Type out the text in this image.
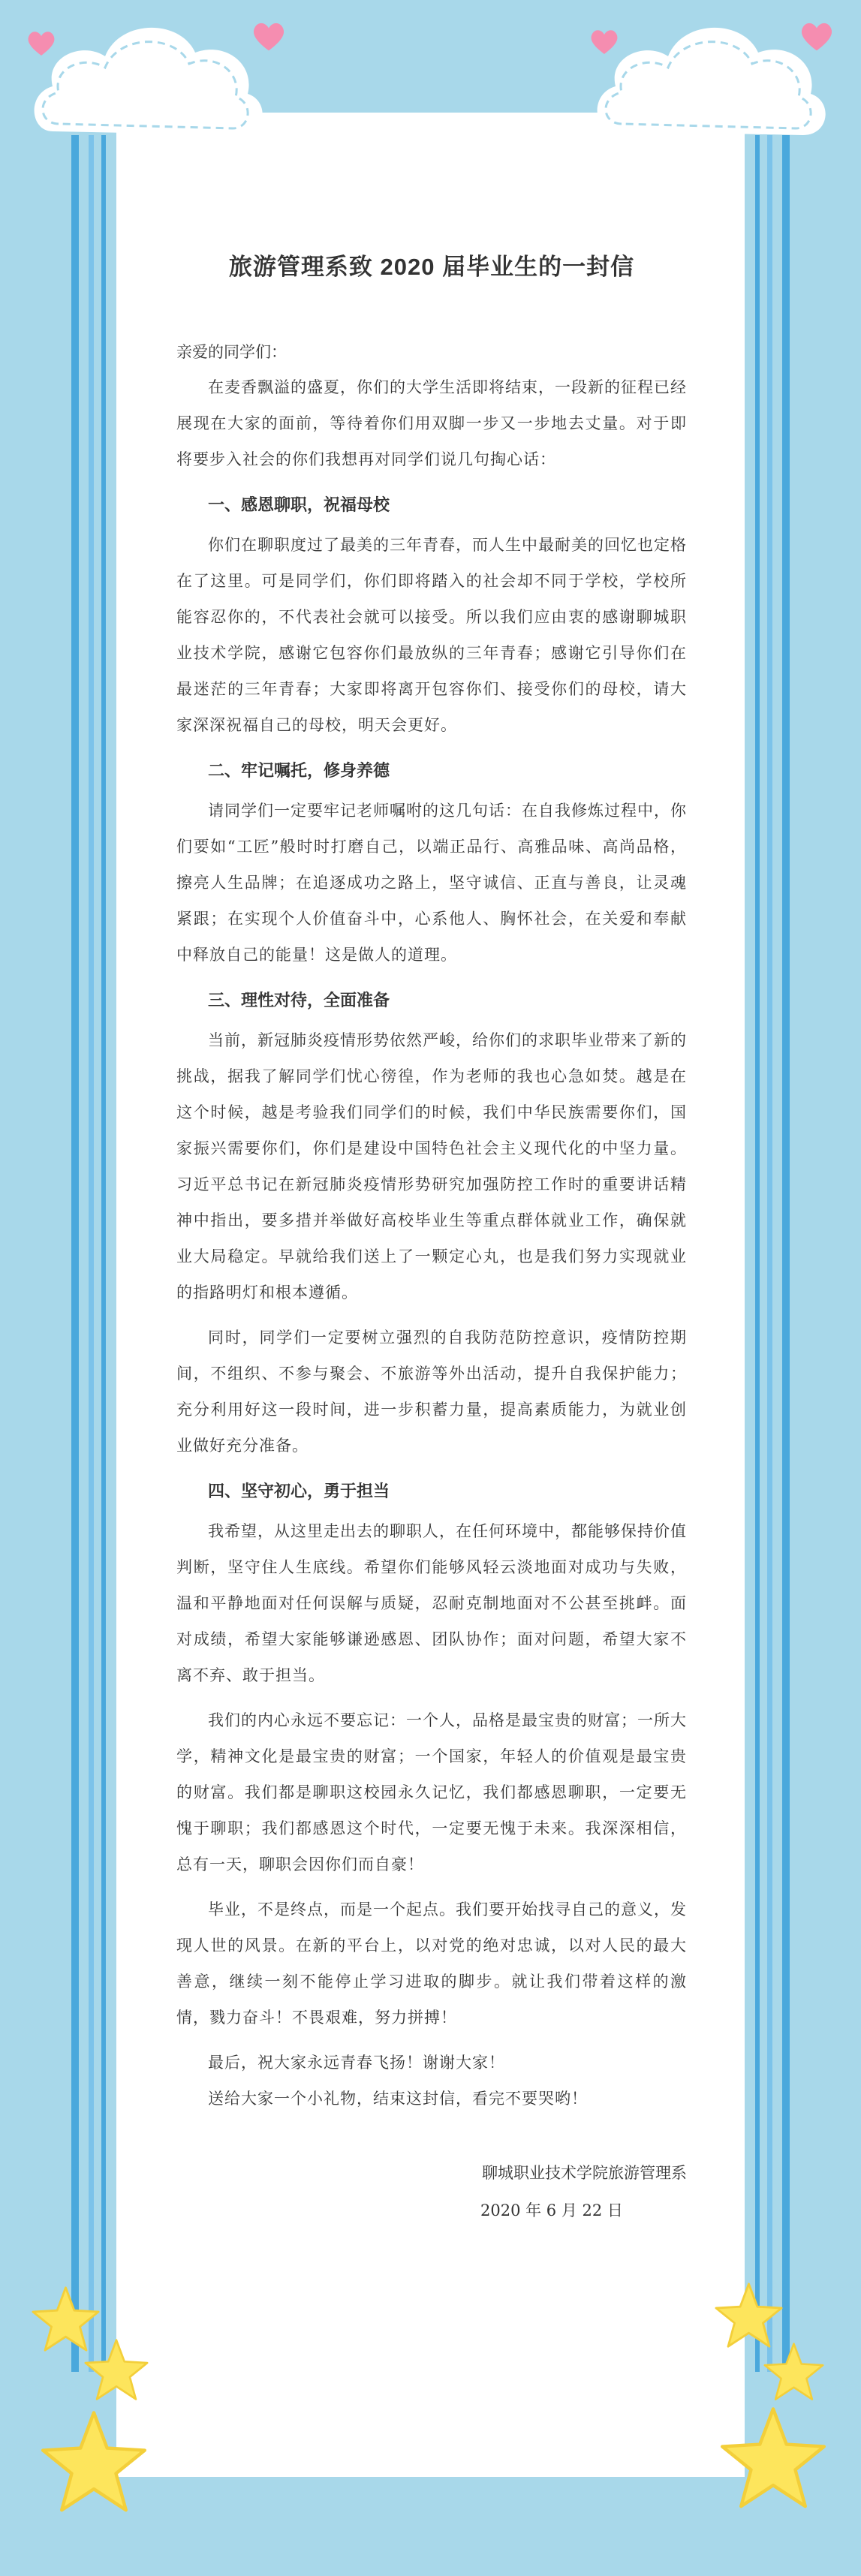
旅游管理系致 2020 届毕业生的一封信

亲爱的同学们：

在麦香飘溢的盛夏，你们的大学生活即将结束，一段新的征程已经展现在大家的面前，等待着你们用双脚一步又一步地去丈量。对于即将要步入社会的你们我想再对同学们说几句掏心话：

一、感恩聊职，祝福母校

你们在聊职度过了最美的三年青春，而人生中最耐美的回忆也定格在了这里。可是同学们，你们即将踏入的社会却不同于学校，学校所能容忍你的，不代表社会就可以接受。所以我们应由衷的感谢聊城职业技术学院，感谢它包容你们最放纵的三年青春；感谢它引导你们在最迷茫的三年青春；大家即将离开包容你们、接受你们的母校，请大家深深祝福自己的母校，明天会更好。

二、牢记嘱托，修身养德

请同学们一定要牢记老师嘱咐的这几句话：在自我修炼过程中，你们要如“工匠”般时时打磨自己，以端正品行、高雅品味、高尚品格，擦亮人生品牌；在追逐成功之路上，坚守诚信、正直与善良，让灵魂紧跟；在实现个人价值奋斗中，心系他人、胸怀社会，在关爱和奉献中释放自己的能量！这是做人的道理。

三、理性对待，全面准备

当前，新冠肺炎疫情形势依然严峻，给你们的求职毕业带来了新的挑战，据我了解同学们忧心徬徨，作为老师的我也心急如焚。越是在这个时候，越是考验我们同学们的时候，我们中华民族需要你们，国家振兴需要你们，你们是建设中国特色社会主义现代化的中坚力量。习近平总书记在新冠肺炎疫情形势研究加强防控工作时的重要讲话精神中指出，要多措并举做好高校毕业生等重点群体就业工作，确保就业大局稳定。早就给我们送上了一颗定心丸，也是我们努力实现就业的指路明灯和根本遵循。

同时，同学们一定要树立强烈的自我防范防控意识，疫情防控期间，不组织、不参与聚会、不旅游等外出活动，提升自我保护能力；充分利用好这一段时间，进一步积蓄力量，提高素质能力，为就业创业做好充分准备。

四、坚守初心，勇于担当

我希望，从这里走出去的聊职人，在任何环境中，都能够保持价值判断，坚守住人生底线。希望你们能够风轻云淡地面对成功与失败，温和平静地面对任何误解与质疑，忍耐克制地面对不公甚至挑衅。面对成绩，希望大家能够谦逊感恩、团队协作；面对问题，希望大家不离不弃、敢于担当。

我们的内心永远不要忘记：一个人，品格是最宝贵的财富；一所大学，精神文化是最宝贵的财富；一个国家，年轻人的价值观是最宝贵的财富。我们都是聊职这校园永久记忆，我们都感恩聊职，一定要无愧于聊职；我们都感恩这个时代，一定要无愧于未来。我深深相信，总有一天，聊职会因你们而自豪！

毕业，不是终点，而是一个起点。我们要开始找寻自己的意义，发现人世的风景。在新的平台上，以对党的绝对忠诚，以对人民的最大善意，继续一刻不能停止学习进取的脚步。就让我们带着这样的激情，戮力奋斗！不畏艰难，努力拼搏！

最后，祝大家永远青春飞扬！谢谢大家！

送给大家一个小礼物，结束这封信，看完不要哭哟！

聊城职业技术学院旅游管理系

2020 年 6 月 22 日
